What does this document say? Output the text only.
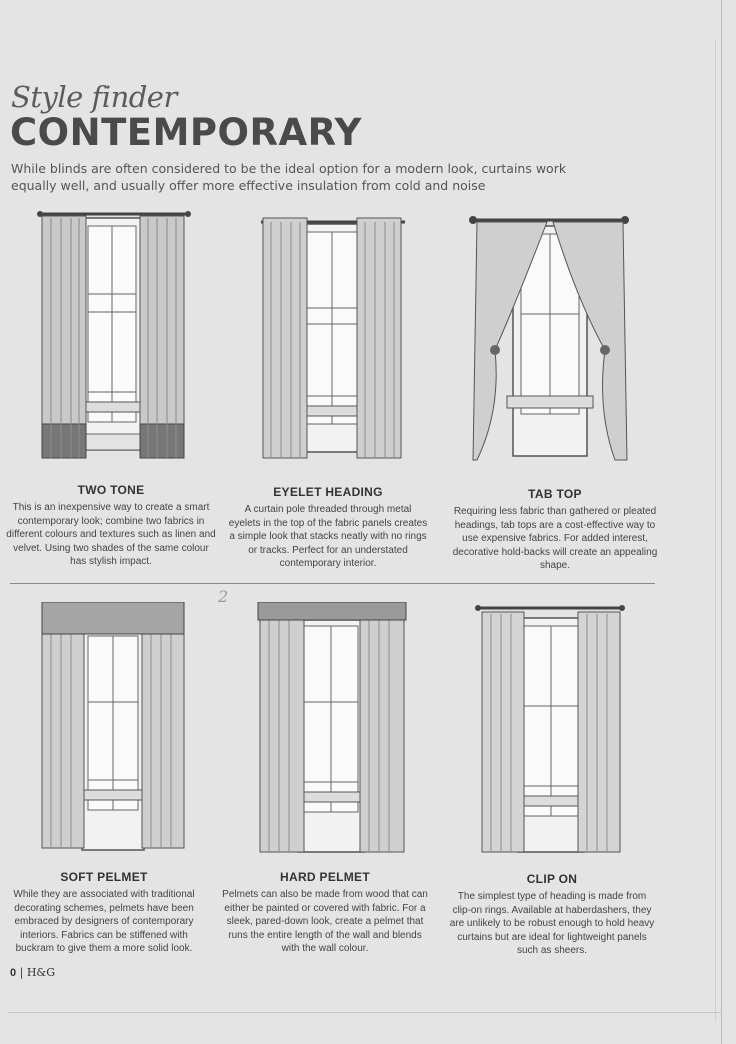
Style finder
CONTEMPORARY
While blinds are often considered to be the ideal option for a modern look, curtains work equally well, and usually offer more effective insulation from cold and noise
TWO TONE

This is an inexpensive way to create a smart contemporary look; combine two fabrics in different colours and textures such as linen and velvet. Using two shades of the same colour has stylish impact.

EYELET HEADING

A curtain pole threaded through metal eyelets in the top of the fabric panels creates a simple look that stacks neatly with no rings or tracks. Perfect for an understated contemporary interior.

TAB TOP

Requiring less fabric than gathered or pleated headings, tab tops are a cost-effective way to use expensive fabrics. For added interest, decorative hold-backs will create an appealing shape.

2
SOFT PELMET

While they are associated with traditional decorating schemes, pelmets have been embraced by designers of contemporary interiors. Fabrics can be stiffened with buckram to give them a more solid look.

HARD PELMET

Pelmets can also be made from wood that can either be painted or covered with fabric. For a sleek, pared-down look, create a pelmet that runs the entire length of the wall and blends with the wall colour.

CLIP ON

The simplest type of heading is made from clip-on rings. Available at haberdashers, they are unlikely to be robust enough to hold heavy curtains but are ideal for lightweight panels such as sheers.

0 | H&G
